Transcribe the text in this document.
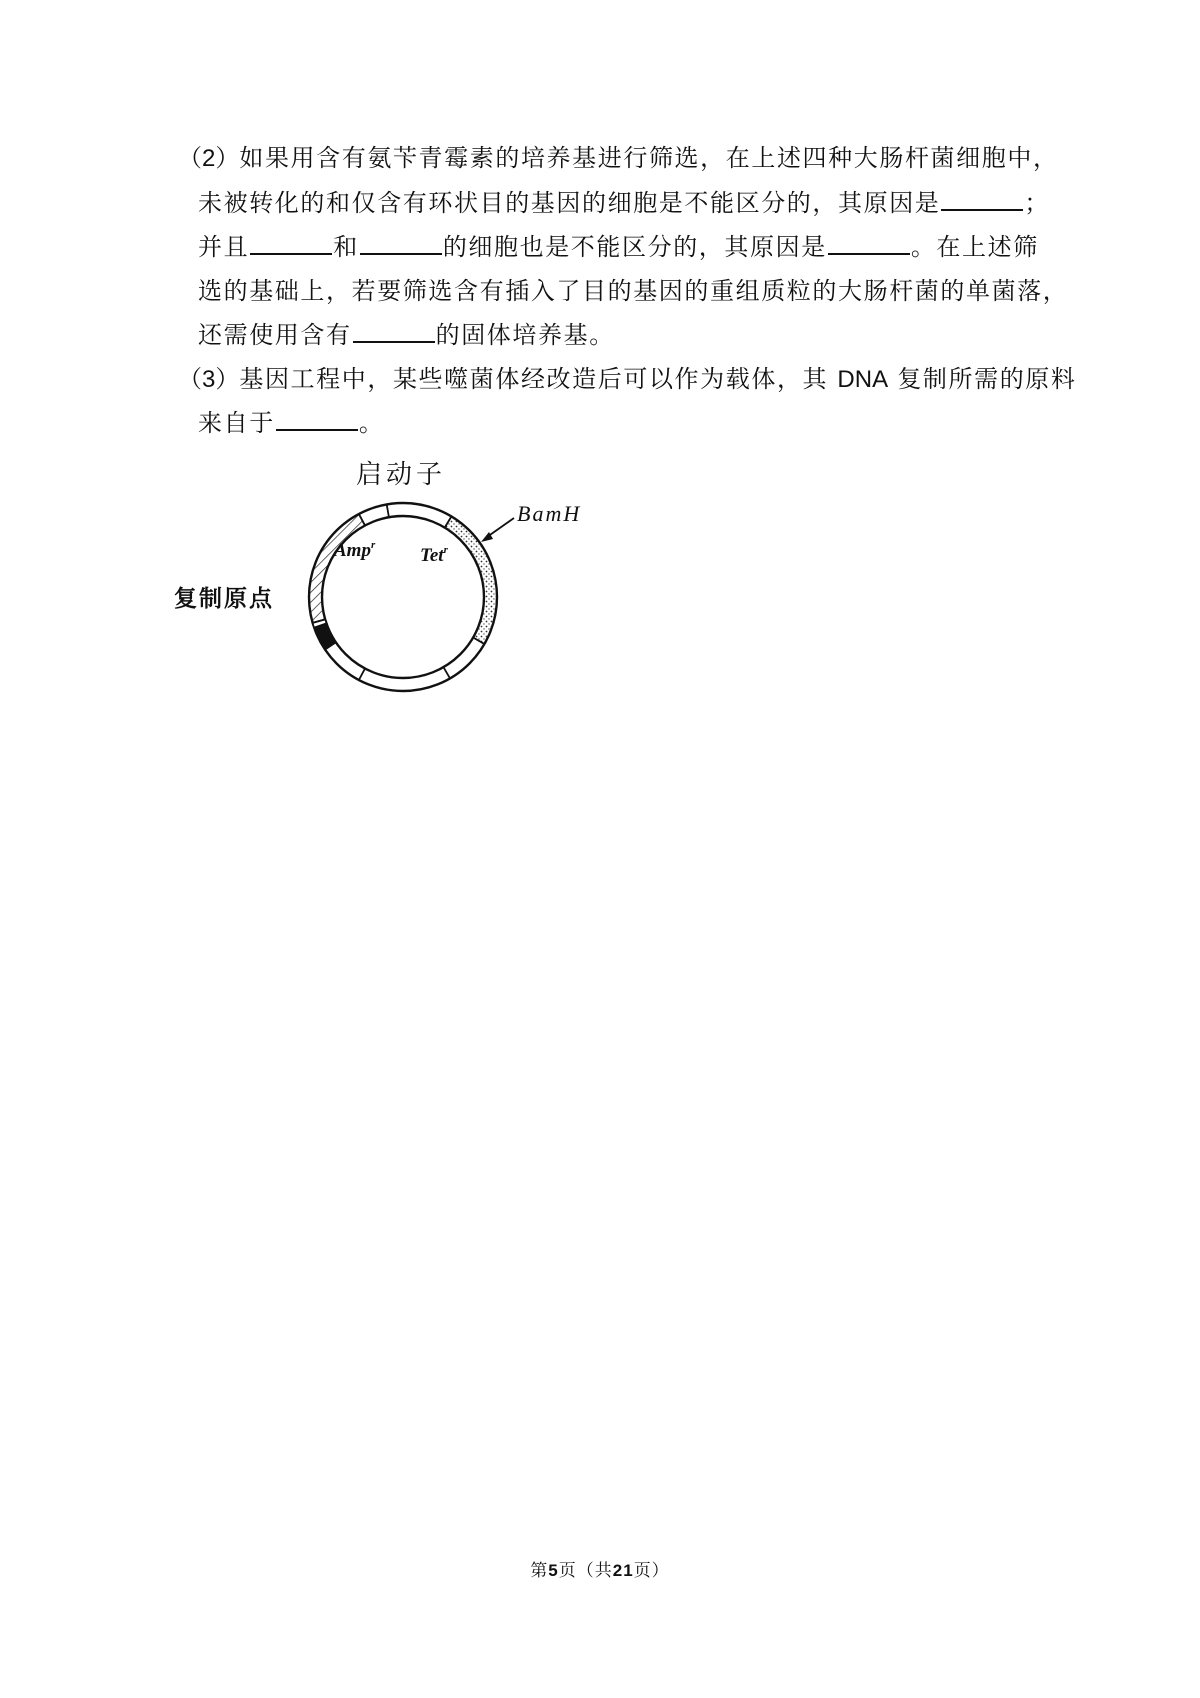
（2）如果用含有氨苄青霉素的培养基进行筛选，在上述四种大肠杆菌细胞中，
未被转化的和仅含有环状目的基因的细胞是不能区分的，其原因是	；
并且	和	的细胞也是不能区分的，其原因是	。在上述筛
选的基础上，若要筛选含有插入了目的基因的重组质粒的大肠杆菌的单菌落，
还需使用含有	的固体培养基。
（3）基因工程中，某些噬菌体经改造后可以作为载体，其 DNA 复制所需的原料
来自于	。
启动子
BamH
Amp$^r$ Tet$^r$
复制原点
第5页（共21页）
